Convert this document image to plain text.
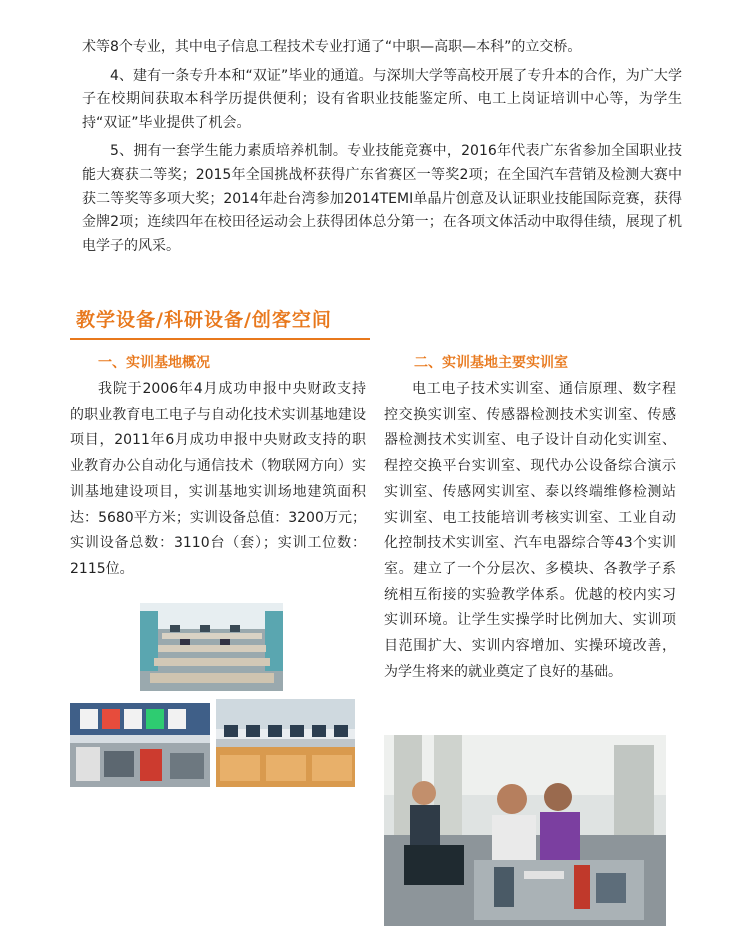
术等8个专业，其中电子信息工程技术专业打通了“中职—高职—本科”的立交桥。

4、建有一条专升本和“双证”毕业的通道。与深圳大学等高校开展了专升本的合作，为广大学子在校期间获取本科学历提供便利；设有省职业技能鉴定所、电工上岗证培训中心等，为学生持“双证”毕业提供了机会。

5、拥有一套学生能力素质培养机制。专业技能竞赛中，2016年代表广东省参加全国职业技能大赛获二等奖；2015年全国挑战杯获得广东省赛区一等奖2项；在全国汽车营销及检测大赛中获二等奖等多项大奖；2014年赴台湾参加2014TEMI单晶片创意及认证职业技能国际竞赛，获得金牌2项；连续四年在校田径运动会上获得团体总分第一；在各项文体活动中取得佳绩，展现了机电学子的风采。

教学设备/科研设备/创客空间
一、实训基地概况

我院于2006年4月成功申报中央财政支持的职业教育电工电子与自动化技术实训基地建设项目，2011年6月成功申报中央财政支持的职业教育办公自动化与通信技术（物联网方向）实训基地建设项目，实训基地实训场地建筑面积达：5680平方米；实训设备总值：3200万元；实训设备总数：3110台（套）；实训工位数：2115位。

二、实训基地主要实训室

电工电子技术实训室、通信原理、数字程控交换实训室、传感器检测技术实训室、传感器检测技术实训室、电子设计自动化实训室、程控交换平台实训室、现代办公设备综合演示实训室、传感网实训室、泰以终端维修检测站实训室、电工技能培训考核实训室、工业自动化控制技术实训室、汽车电器综合等43个实训室。建立了一个分层次、多模块、各教学子系统相互衔接的实验教学体系。优越的校内实习实训环境。让学生实操学时比例加大、实训项目范围扩大、实训内容增加、实操环境改善，为学生将来的就业奠定了良好的基础。
